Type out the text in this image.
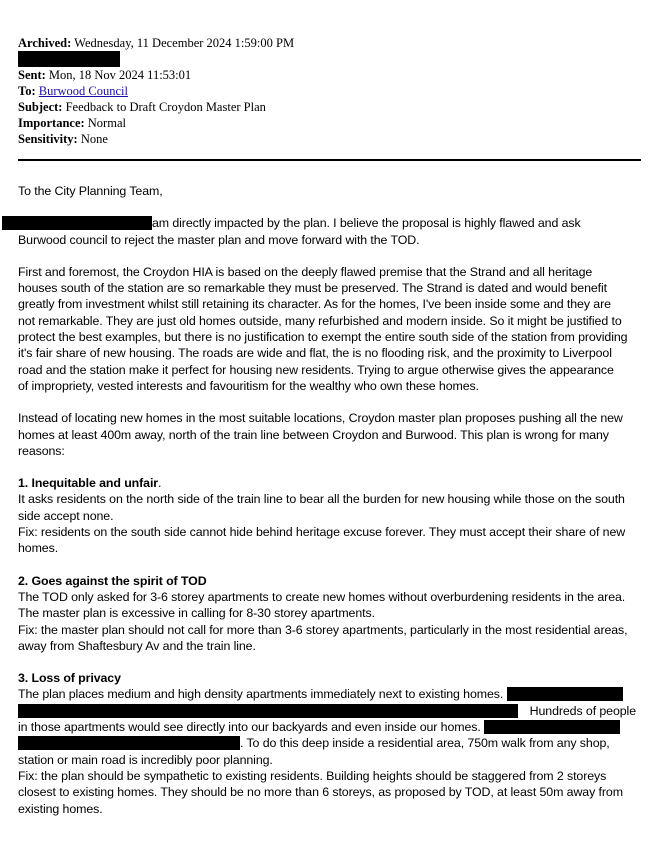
Archived: Wednesday, 11 December 2024 1:59:00 PM
Sent: Mon, 18 Nov 2024 11:53:01
To: Burwood Council
Subject: Feedback to Draft Croydon Master Plan
Importance: Normal
Sensitivity: None

To the City Planning Team,

am directly impacted by the plan. I believe the proposal is highly flawed and ask

Burwood council to reject the master plan and move forward with the TOD.

First and foremost, the Croydon HIA is based on the deeply flawed premise that the Strand and all heritage

houses south of the station are so remarkable they must be preserved. The Strand is dated and would benefit

greatly from investment whilst still retaining its character. As for the homes, I've been inside some and they are

not remarkable. They are just old homes outside, many refurbished and modern inside. So it might be justified to

protect the best examples, but there is no justification to exempt the entire south side of the station from providing

it's fair share of new housing. The roads are wide and flat, the is no flooding risk, and the proximity to Liverpool

road and the station make it perfect for housing new residents. Trying to argue otherwise gives the appearance

of impropriety, vested interests and favouritism for the wealthy who own these homes.

Instead of locating new homes in the most suitable locations, Croydon master plan proposes pushing all the new

homes at least 400m away, north of the train line between Croydon and Burwood. This plan is wrong for many

reasons:

1. Inequitable and unfair.

It asks residents on the north side of the train line to bear all the burden for new housing while those on the south

side accept none.

Fix: residents on the south side cannot hide behind heritage excuse forever. They must accept their share of new

homes.

2. Goes against the spirit of TOD

The TOD only asked for 3-6 storey apartments to create new homes without overburdening residents in the area.

The master plan is excessive in calling for 8-30 storey apartments.

Fix: the master plan should not call for more than 3-6 storey apartments, particularly in the most residential areas,

away from Shaftesbury Av and the train line.

3. Loss of privacy

The plan places medium and high density apartments immediately next to existing homes.

Hundreds of people

in those apartments would see directly into our backyards and even inside our homes.

. To do this deep inside a residential area, 750m walk from any shop,

station or main road is incredibly poor planning.

Fix: the plan should be sympathetic to existing residents. Building heights should be staggered from 2 storeys

closest to existing homes. They should be no more than 6 storeys, as proposed by TOD, at least 50m away from

existing homes.
